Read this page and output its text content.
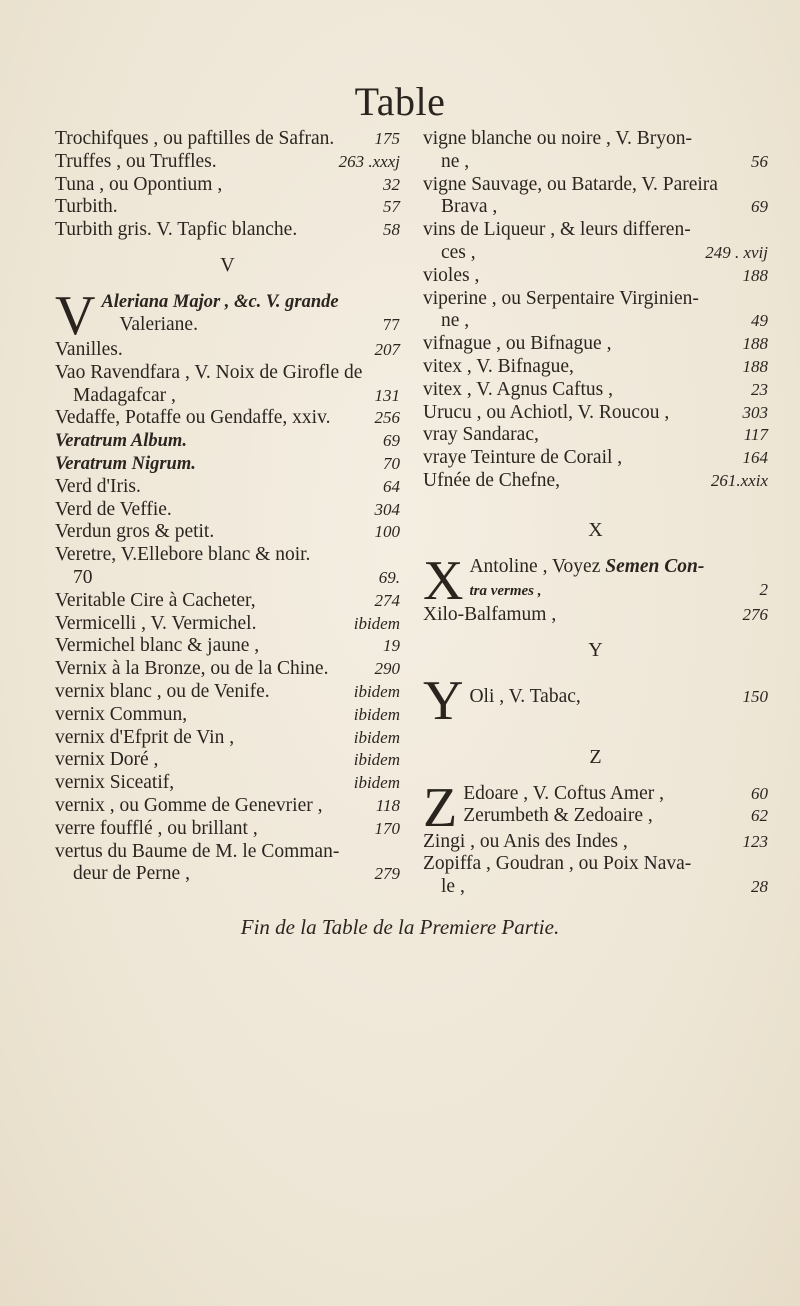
Table
Trochifques , ou paftilles de Safran. 175
Truffes , ou Truffles.	263 .xxxj
Tuna , ou Opontium ,	32
Turbith.	57
Turbith gris. V. Tapfic blanche.	58
V
V Aleriana Major , &c. V. grande
Valeriane.	77
Vanilles.	207
Vao Ravendfara , V. Noix de Girofle de
Madagafcar ,	131
Vedaffe, Potaffe ou Gendaffe, xxiv.	256
Veratrum Album.	69
Veratrum Nigrum.	70
Verd d'Iris.	64
Verd de Veffie.	304
Verdun gros & petit.	100
Veretre, V.Ellebore blanc & noir.
70	69.
Veritable Cire à Cacheter,	274
Vermicelli , V. Vermichel.	ibidem
Vermichel blanc & jaune ,	19
Vernix à la Bronze, ou de la Chine.	290
vernix blanc , ou de Venife.	ibidem
vernix Commun,	ibidem
vernix d'Efprit de Vin ,	ibidem
vernix Doré ,	ibidem
vernix Siceatif,	ibidem
vernix , ou Gomme de Genevrier ,	118
verre foufflé , ou brillant ,	170
vertus du Baume de M. le Comman-
deur de Perne ,	279
vigne blanche ou noire , V. Bryon-
ne ,	56
vigne Sauvage, ou Batarde, V. Pareira
Brava ,	69
vins de Liqueur , & leurs differen-
ces ,	249 . xvij
violes ,	188
viperine , ou Serpentaire Virginien-
ne ,	49
vifnague , ou Bifnague ,	188
vitex , V. Bifnague,	188
vitex , V. Agnus Caftus ,	23
Urucu , ou Achiotl, V. Roucou ,	303
vray Sandarac,	117
vraye Teinture de Corail ,	164
Ufnée de Chefne,	261.xxix
X
X Antoline , Voyez Semen Con-
tra vermes ,	2
Xilo-Balfamum ,	276
Y
Y Oli , V. Tabac,	150
Z
Z Edoare , V. Coftus Amer ,	60
Zerumbeth & Zedoaire ,	62
Zingi , ou Anis des Indes ,	123
Zopiffa , Goudran , ou Poix Nava-
le ,	28
Fin de la Table de la Premiere Partie.
